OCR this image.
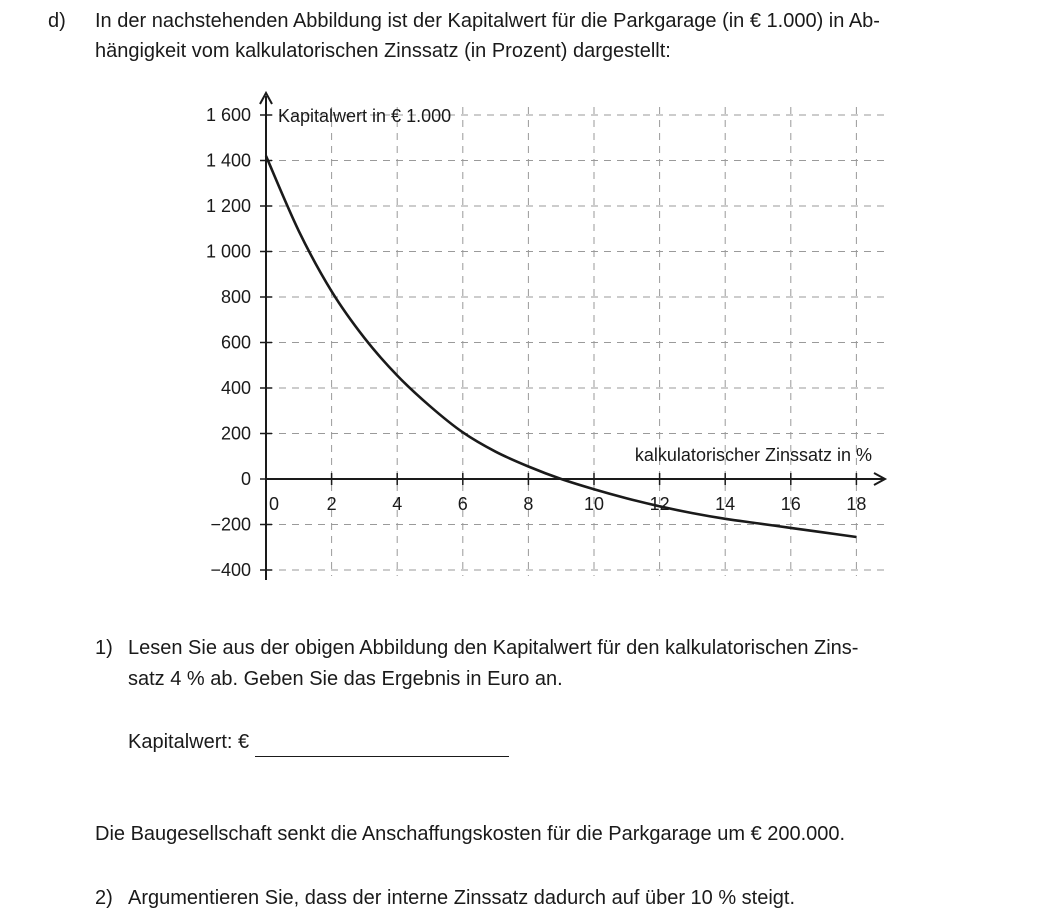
d) In der nachstehenden Abbildung ist der Kapitalwert für die Parkgarage (in € 1.000) in Ab-
hängigkeit vom kalkulatorischen Zinssatz (in Prozent) dargestellt:
1 600
1 400
1 200
1 000
800
600
400
200
0
−200
−400
0	2	4	6	8	10	12	14	16	18
Kapitalwert in € 1.000
kalkulatorischer Zinssatz in %
1) Lesen Sie aus der obigen Abbildung den Kapitalwert für den kalkulatorischen Zins-
satz 4 % ab. Geben Sie das Ergebnis in Euro an.
Kapitalwert: €
Die Baugesellschaft senkt die Anschaffungskosten für die Parkgarage um € 200.000.
2) Argumentieren Sie, dass der interne Zinssatz dadurch auf über 10 % steigt.
